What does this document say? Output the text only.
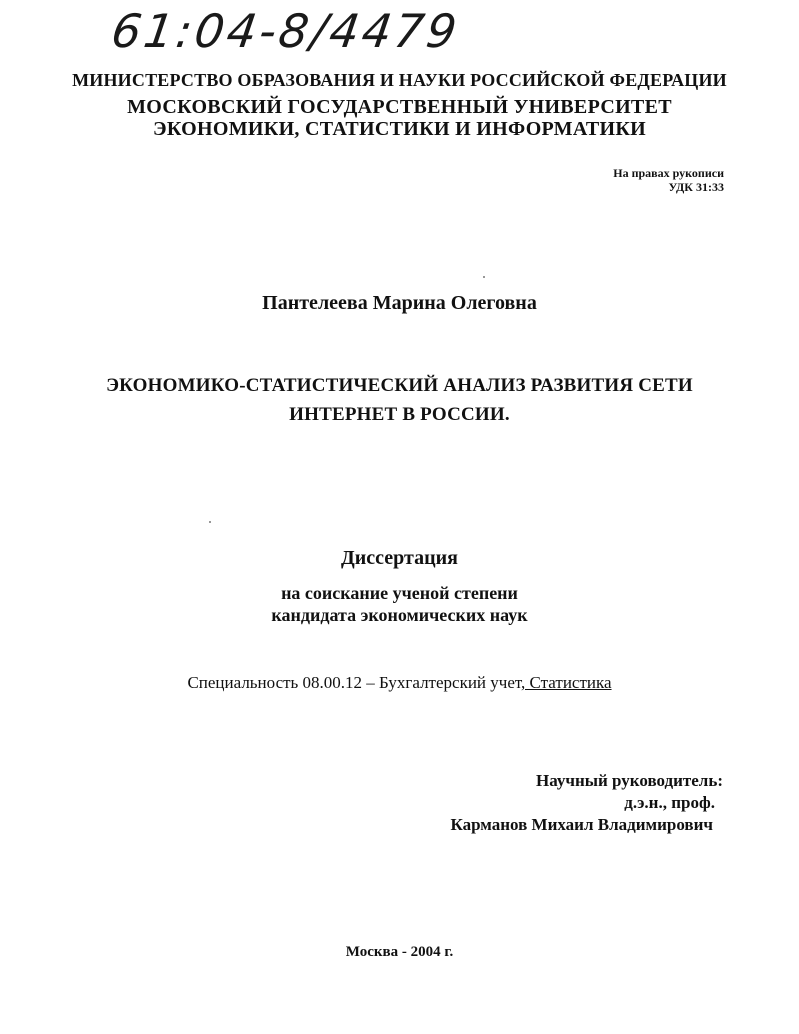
61:04-8/4479
МИНИСТЕРСТВО ОБРАЗОВАНИЯ И НАУКИ РОССИЙСКОЙ ФЕДЕРАЦИИ
МОСКОВСКИЙ ГОСУДАРСТВЕННЫЙ УНИВЕРСИТЕТ
ЭКОНОМИКИ, СТАТИСТИКИ И ИНФОРМАТИКИ
На правах рукописи
УДК 31:33
Пантелеева Марина Олеговна
ЭКОНОМИКО-СТАТИСТИЧЕСКИЙ АНАЛИЗ РАЗВИТИЯ СЕТИ
ИНТЕРНЕТ В РОССИИ.
Диссертация
на соискание ученой степени
кандидата экономических наук
Специальность 08.00.12 – Бухгалтерский учет, Статистика
Научный руководитель:
д.э.н., проф.
Карманов Михаил Владимирович
Москва - 2004 г.
